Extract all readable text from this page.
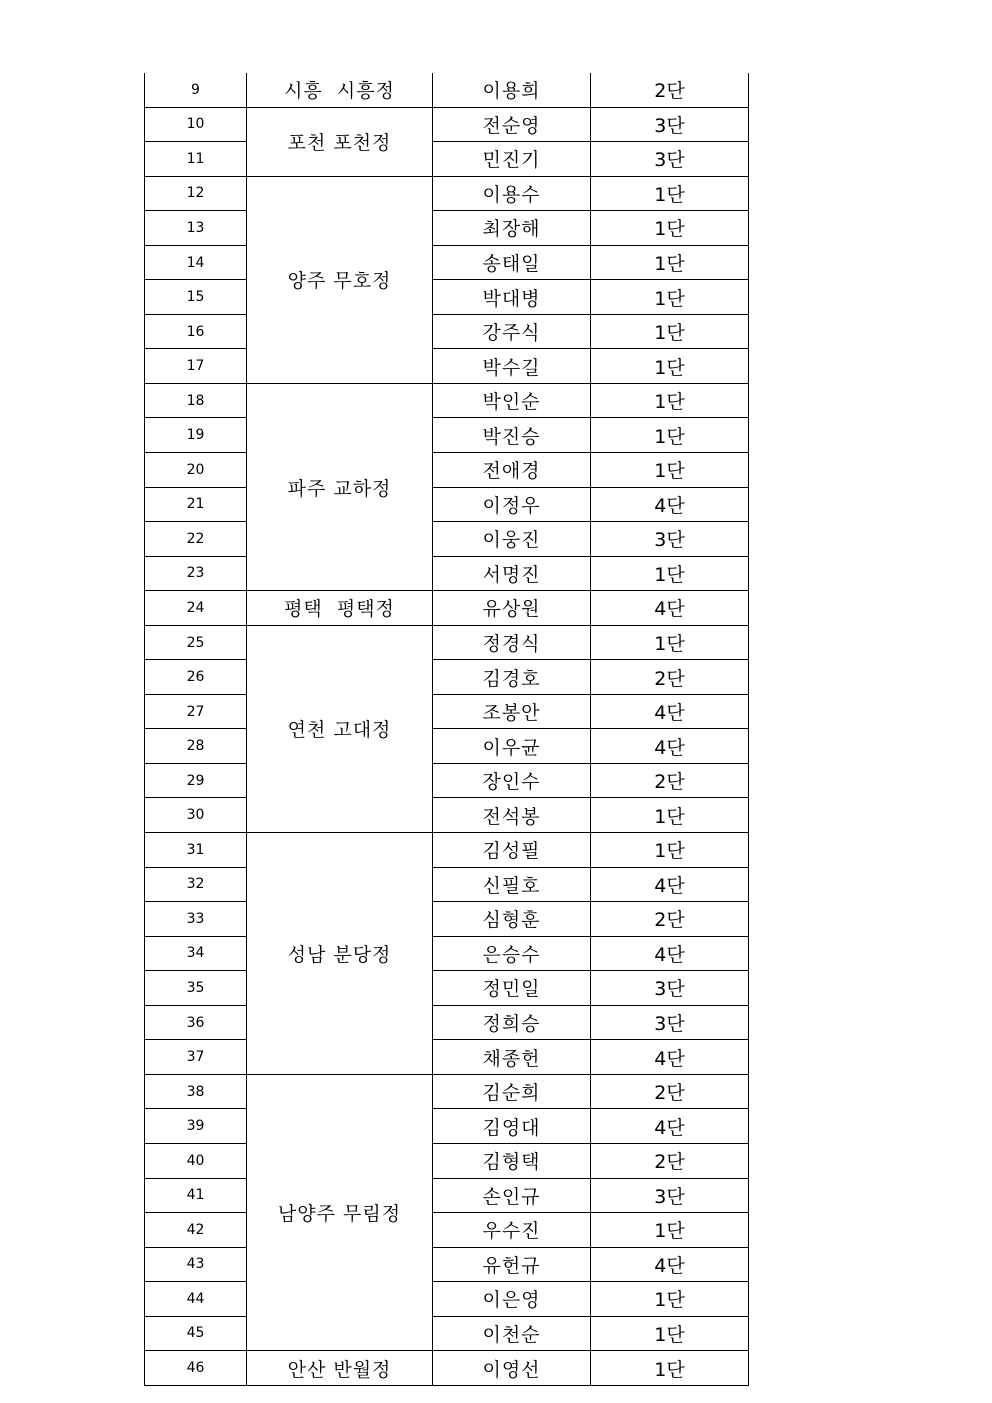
9	시흥  시흥정	이용희	2단
10	포천 포천정	전순영	3단
11		민진기	3단
12	양주 무호정	이용수	1단
13		최장해	1단
14		송태일	1단
15		박대병	1단
16		강주식	1단
17		박수길	1단
18	파주 교하정	박인순	1단
19		박진승	1단
20		전애경	1단
21		이정우	4단
22		이웅진	3단
23		서명진	1단
24	평택  평택정	유상원	4단
25	연천 고대정	정경식	1단
26		김경호	2단
27		조봉안	4단
28		이우균	4단
29		장인수	2단
30		전석봉	1단
31	성남 분당정	김성필	1단
32		신필호	4단
33		심형훈	2단
34		은승수	4단
35		정민일	3단
36		정희승	3단
37		채종헌	4단
38	남양주 무림정	김순희	2단
39		김영대	4단
40		김형택	2단
41		손인규	3단
42		우수진	1단
43		유헌규	4단
44		이은영	1단
45		이천순	1단
46	안산 반월정	이영선	1단
